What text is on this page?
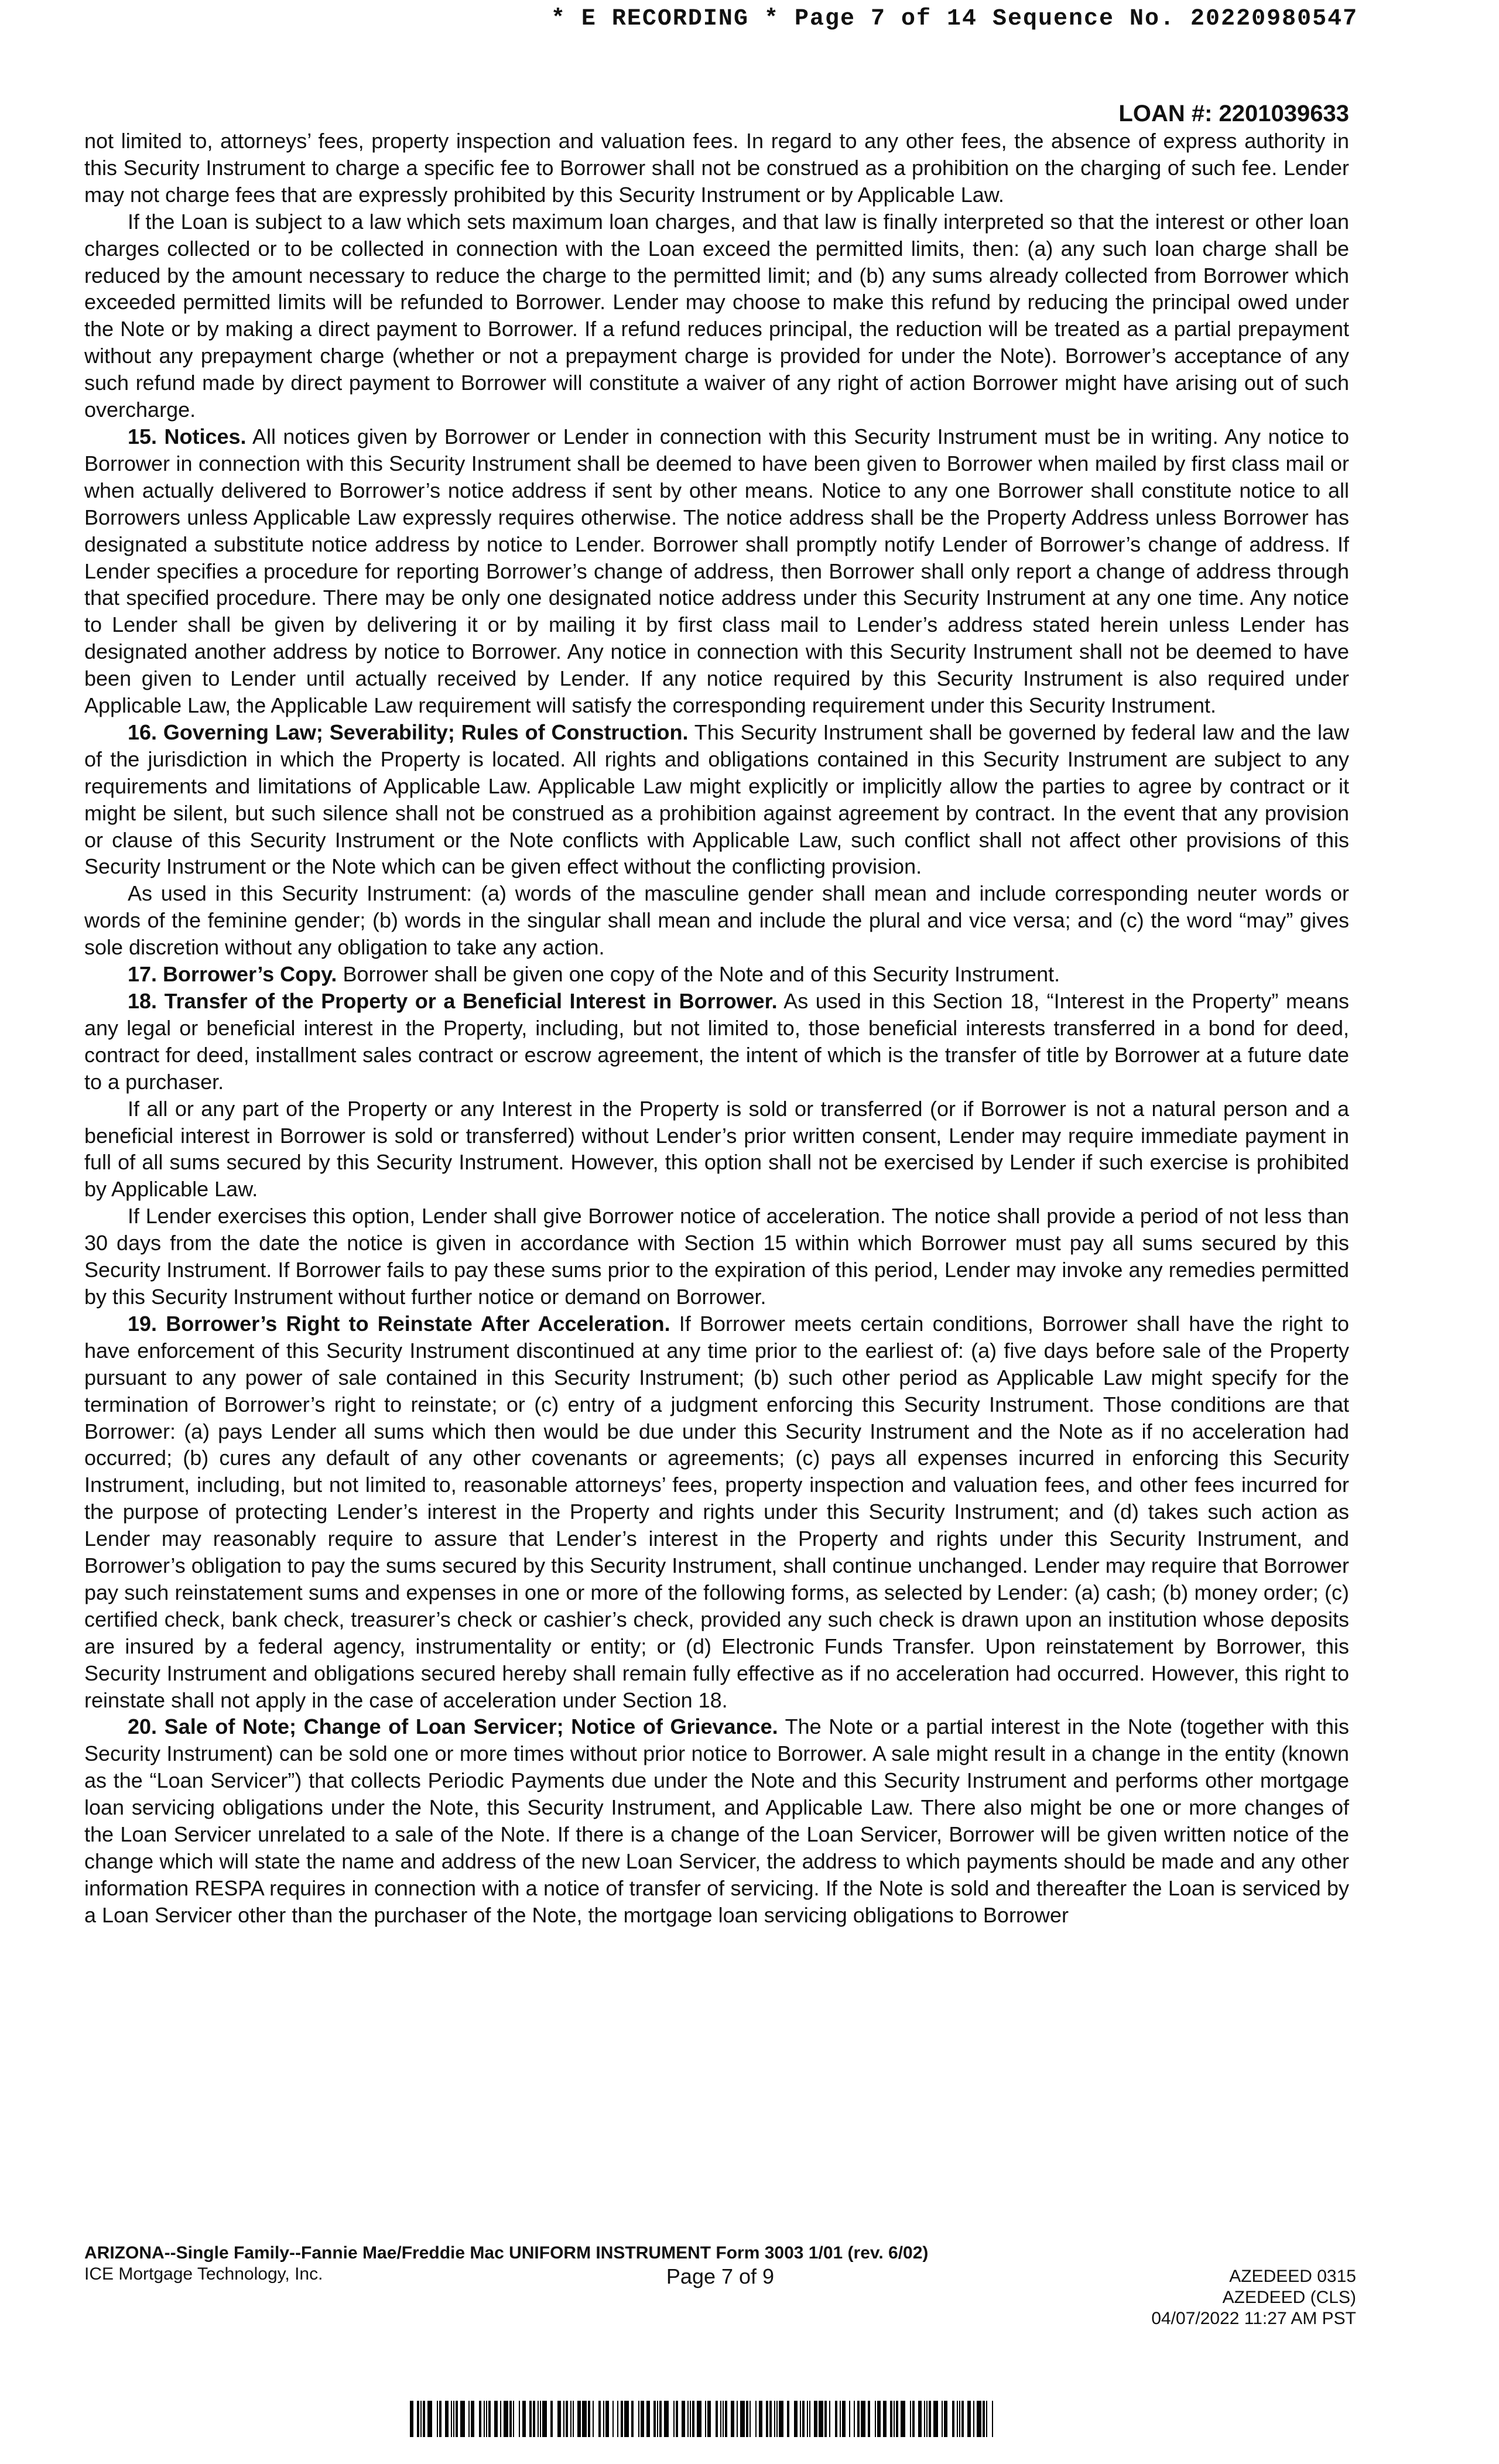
* E RECORDING * Page 7 of 14 Sequence No. 20220980547
LOAN #: 2201039633

not limited to, attorneys’ fees, property inspection and valuation fees. In regard to any other fees, the absence of express authority in this Security Instrument to charge a specific fee to Borrower shall not be construed as a prohibition on the charging of such fee. Lender may not charge fees that are expressly prohibited by this Security Instrument or by Applicable Law.

If the Loan is subject to a law which sets maximum loan charges, and that law is finally interpreted so that the interest or other loan charges collected or to be collected in connection with the Loan exceed the permitted limits, then: (a) any such loan charge shall be reduced by the amount necessary to reduce the charge to the permitted limit; and (b) any sums already collected from Borrower which exceeded permitted limits will be refunded to Borrower. Lender may choose to make this refund by reducing the principal owed under the Note or by making a direct payment to Borrower. If a refund reduces principal, the reduction will be treated as a partial prepayment without any prepayment charge (whether or not a prepayment charge is provided for under the Note). Borrower’s acceptance of any such refund made by direct payment to Borrower will constitute a waiver of any right of action Borrower might have arising out of such overcharge.

15. Notices. All notices given by Borrower or Lender in connection with this Security Instrument must be in writing. Any notice to Borrower in connection with this Security Instrument shall be deemed to have been given to Borrower when mailed by first class mail or when actually delivered to Borrower’s notice address if sent by other means. Notice to any one Borrower shall constitute notice to all Borrowers unless Applicable Law expressly requires otherwise. The notice address shall be the Property Address unless Borrower has designated a substitute notice address by notice to Lender. Borrower shall promptly notify Lender of Borrower’s change of address. If Lender specifies a procedure for reporting Borrower’s change of address, then Borrower shall only report a change of address through that specified procedure. There may be only one designated notice address under this Security Instrument at any one time. Any notice to Lender shall be given by delivering it or by mailing it by first class mail to Lender’s address stated herein unless Lender has designated another address by notice to Borrower. Any notice in connection with this Security Instrument shall not be deemed to have been given to Lender until actually received by Lender. If any notice required by this Security Instrument is also required under Applicable Law, the Applicable Law requirement will satisfy the corresponding requirement under this Security Instrument.

16. Governing Law; Severability; Rules of Construction. This Security Instrument shall be governed by federal law and the law of the jurisdiction in which the Property is located. All rights and obligations contained in this Security Instrument are subject to any requirements and limitations of Applicable Law. Applicable Law might explicitly or implicitly allow the parties to agree by contract or it might be silent, but such silence shall not be construed as a prohibition against agreement by contract. In the event that any provision or clause of this Security Instrument or the Note conflicts with Applicable Law, such conflict shall not affect other provisions of this Security Instrument or the Note which can be given effect without the conflicting provision.

As used in this Security Instrument: (a) words of the masculine gender shall mean and include corresponding neuter words or words of the feminine gender; (b) words in the singular shall mean and include the plural and vice versa; and (c) the word “may” gives sole discretion without any obligation to take any action.

17. Borrower’s Copy. Borrower shall be given one copy of the Note and of this Security Instrument.

18. Transfer of the Property or a Beneficial Interest in Borrower. As used in this Section 18, “Interest in the Property” means any legal or beneficial interest in the Property, including, but not limited to, those beneficial interests transferred in a bond for deed, contract for deed, installment sales contract or escrow agreement, the intent of which is the transfer of title by Borrower at a future date to a purchaser.

If all or any part of the Property or any Interest in the Property is sold or transferred (or if Borrower is not a natural person and a beneficial interest in Borrower is sold or transferred) without Lender’s prior written consent, Lender may require immediate payment in full of all sums secured by this Security Instrument. However, this option shall not be exercised by Lender if such exercise is prohibited by Applicable Law.

If Lender exercises this option, Lender shall give Borrower notice of acceleration. The notice shall provide a period of not less than 30 days from the date the notice is given in accordance with Section 15 within which Borrower must pay all sums secured by this Security Instrument. If Borrower fails to pay these sums prior to the expiration of this period, Lender may invoke any remedies permitted by this Security Instrument without further notice or demand on Borrower.

19. Borrower’s Right to Reinstate After Acceleration. If Borrower meets certain conditions, Borrower shall have the right to have enforcement of this Security Instrument discontinued at any time prior to the earliest of: (a) five days before sale of the Property pursuant to any power of sale contained in this Security Instrument; (b) such other period as Applicable Law might specify for the termination of Borrower’s right to reinstate; or (c) entry of a judgment enforcing this Security Instrument. Those conditions are that Borrower: (a) pays Lender all sums which then would be due under this Security Instrument and the Note as if no acceleration had occurred; (b) cures any default of any other covenants or agreements; (c) pays all expenses incurred in enforcing this Security Instrument, including, but not limited to, reasonable attorneys’ fees, property inspection and valuation fees, and other fees incurred for the purpose of protecting Lender’s interest in the Property and rights under this Security Instrument; and (d) takes such action as Lender may reasonably require to assure that Lender’s interest in the Property and rights under this Security Instrument, and Borrower’s obligation to pay the sums secured by this Security Instrument, shall continue unchanged. Lender may require that Borrower pay such reinstatement sums and expenses in one or more of the following forms, as selected by Lender: (a) cash; (b) money order; (c) certified check, bank check, treasurer’s check or cashier’s check, provided any such check is drawn upon an institution whose deposits are insured by a federal agency, instrumentality or entity; or (d) Electronic Funds Transfer. Upon reinstatement by Borrower, this Security Instrument and obligations secured hereby shall remain fully effective as if no acceleration had occurred. However, this right to reinstate shall not apply in the case of acceleration under Section 18.

20. Sale of Note; Change of Loan Servicer; Notice of Grievance. The Note or a partial interest in the Note (together with this Security Instrument) can be sold one or more times without prior notice to Borrower. A sale might result in a change in the entity (known as the “Loan Servicer”) that collects Periodic Payments due under the Note and this Security Instrument and performs other mortgage loan servicing obligations under the Note, this Security Instrument, and Applicable Law. There also might be one or more changes of the Loan Servicer unrelated to a sale of the Note. If there is a change of the Loan Servicer, Borrower will be given written notice of the change which will state the name and address of the new Loan Servicer, the address to which payments should be made and any other information RESPA requires in connection with a notice of transfer of servicing. If the Note is sold and thereafter the Loan is serviced by a Loan Servicer other than the purchaser of the Note, the mortgage loan servicing obligations to Borrower

ARIZONA--Single Family--Fannie Mae/Freddie Mac UNIFORM INSTRUMENT Form 3003 1/01 (rev. 6/02)
ICE Mortgage Technology, Inc.	Page 7 of 9	AZEDEED 0315
AZEDEED (CLS)
04/07/2022 11:27 AM PST
